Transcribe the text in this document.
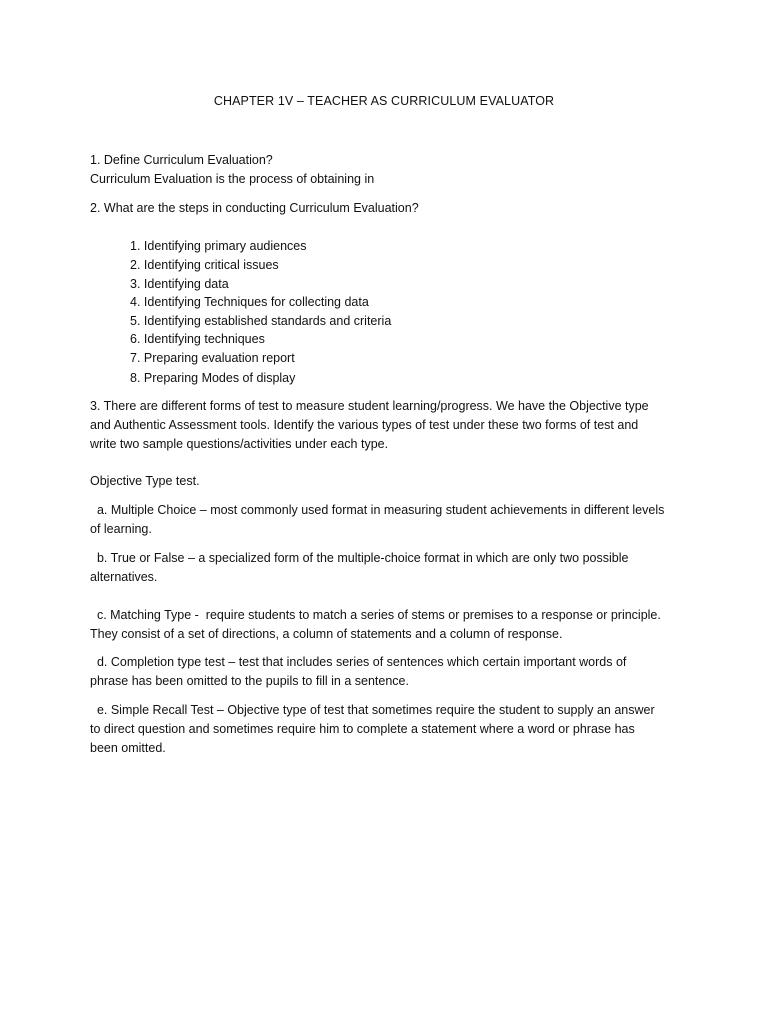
CHAPTER 1V – TEACHER AS CURRICULUM EVALUATOR
1. Define Curriculum Evaluation?
Curriculum Evaluation is the process of obtaining in
2. What are the steps in conducting Curriculum Evaluation?
1. Identifying primary audiences
2. Identifying critical issues
3. Identifying data
4. Identifying Techniques for collecting data
5. Identifying established standards and criteria
6. Identifying techniques
7. Preparing evaluation report
8. Preparing Modes of display
3. There are different forms of test to measure student learning/progress. We have the Objective type
and Authentic Assessment tools. Identify the various types of test under these two forms of test and
write two sample questions/activities under each type.
Objective Type test.
a. Multiple Choice – most commonly used format in measuring student achievements in different levels
of learning.
b. True or False – a specialized form of the multiple-choice format in which are only two possible
alternatives.
c. Matching Type -  require students to match a series of stems or premises to a response or principle.
They consist of a set of directions, a column of statements and a column of response.
d. Completion type test – test that includes series of sentences which certain important words of
phrase has been omitted to the pupils to fill in a sentence.
e. Simple Recall Test – Objective type of test that sometimes require the student to supply an answer
to direct question and sometimes require him to complete a statement where a word or phrase has
been omitted.
